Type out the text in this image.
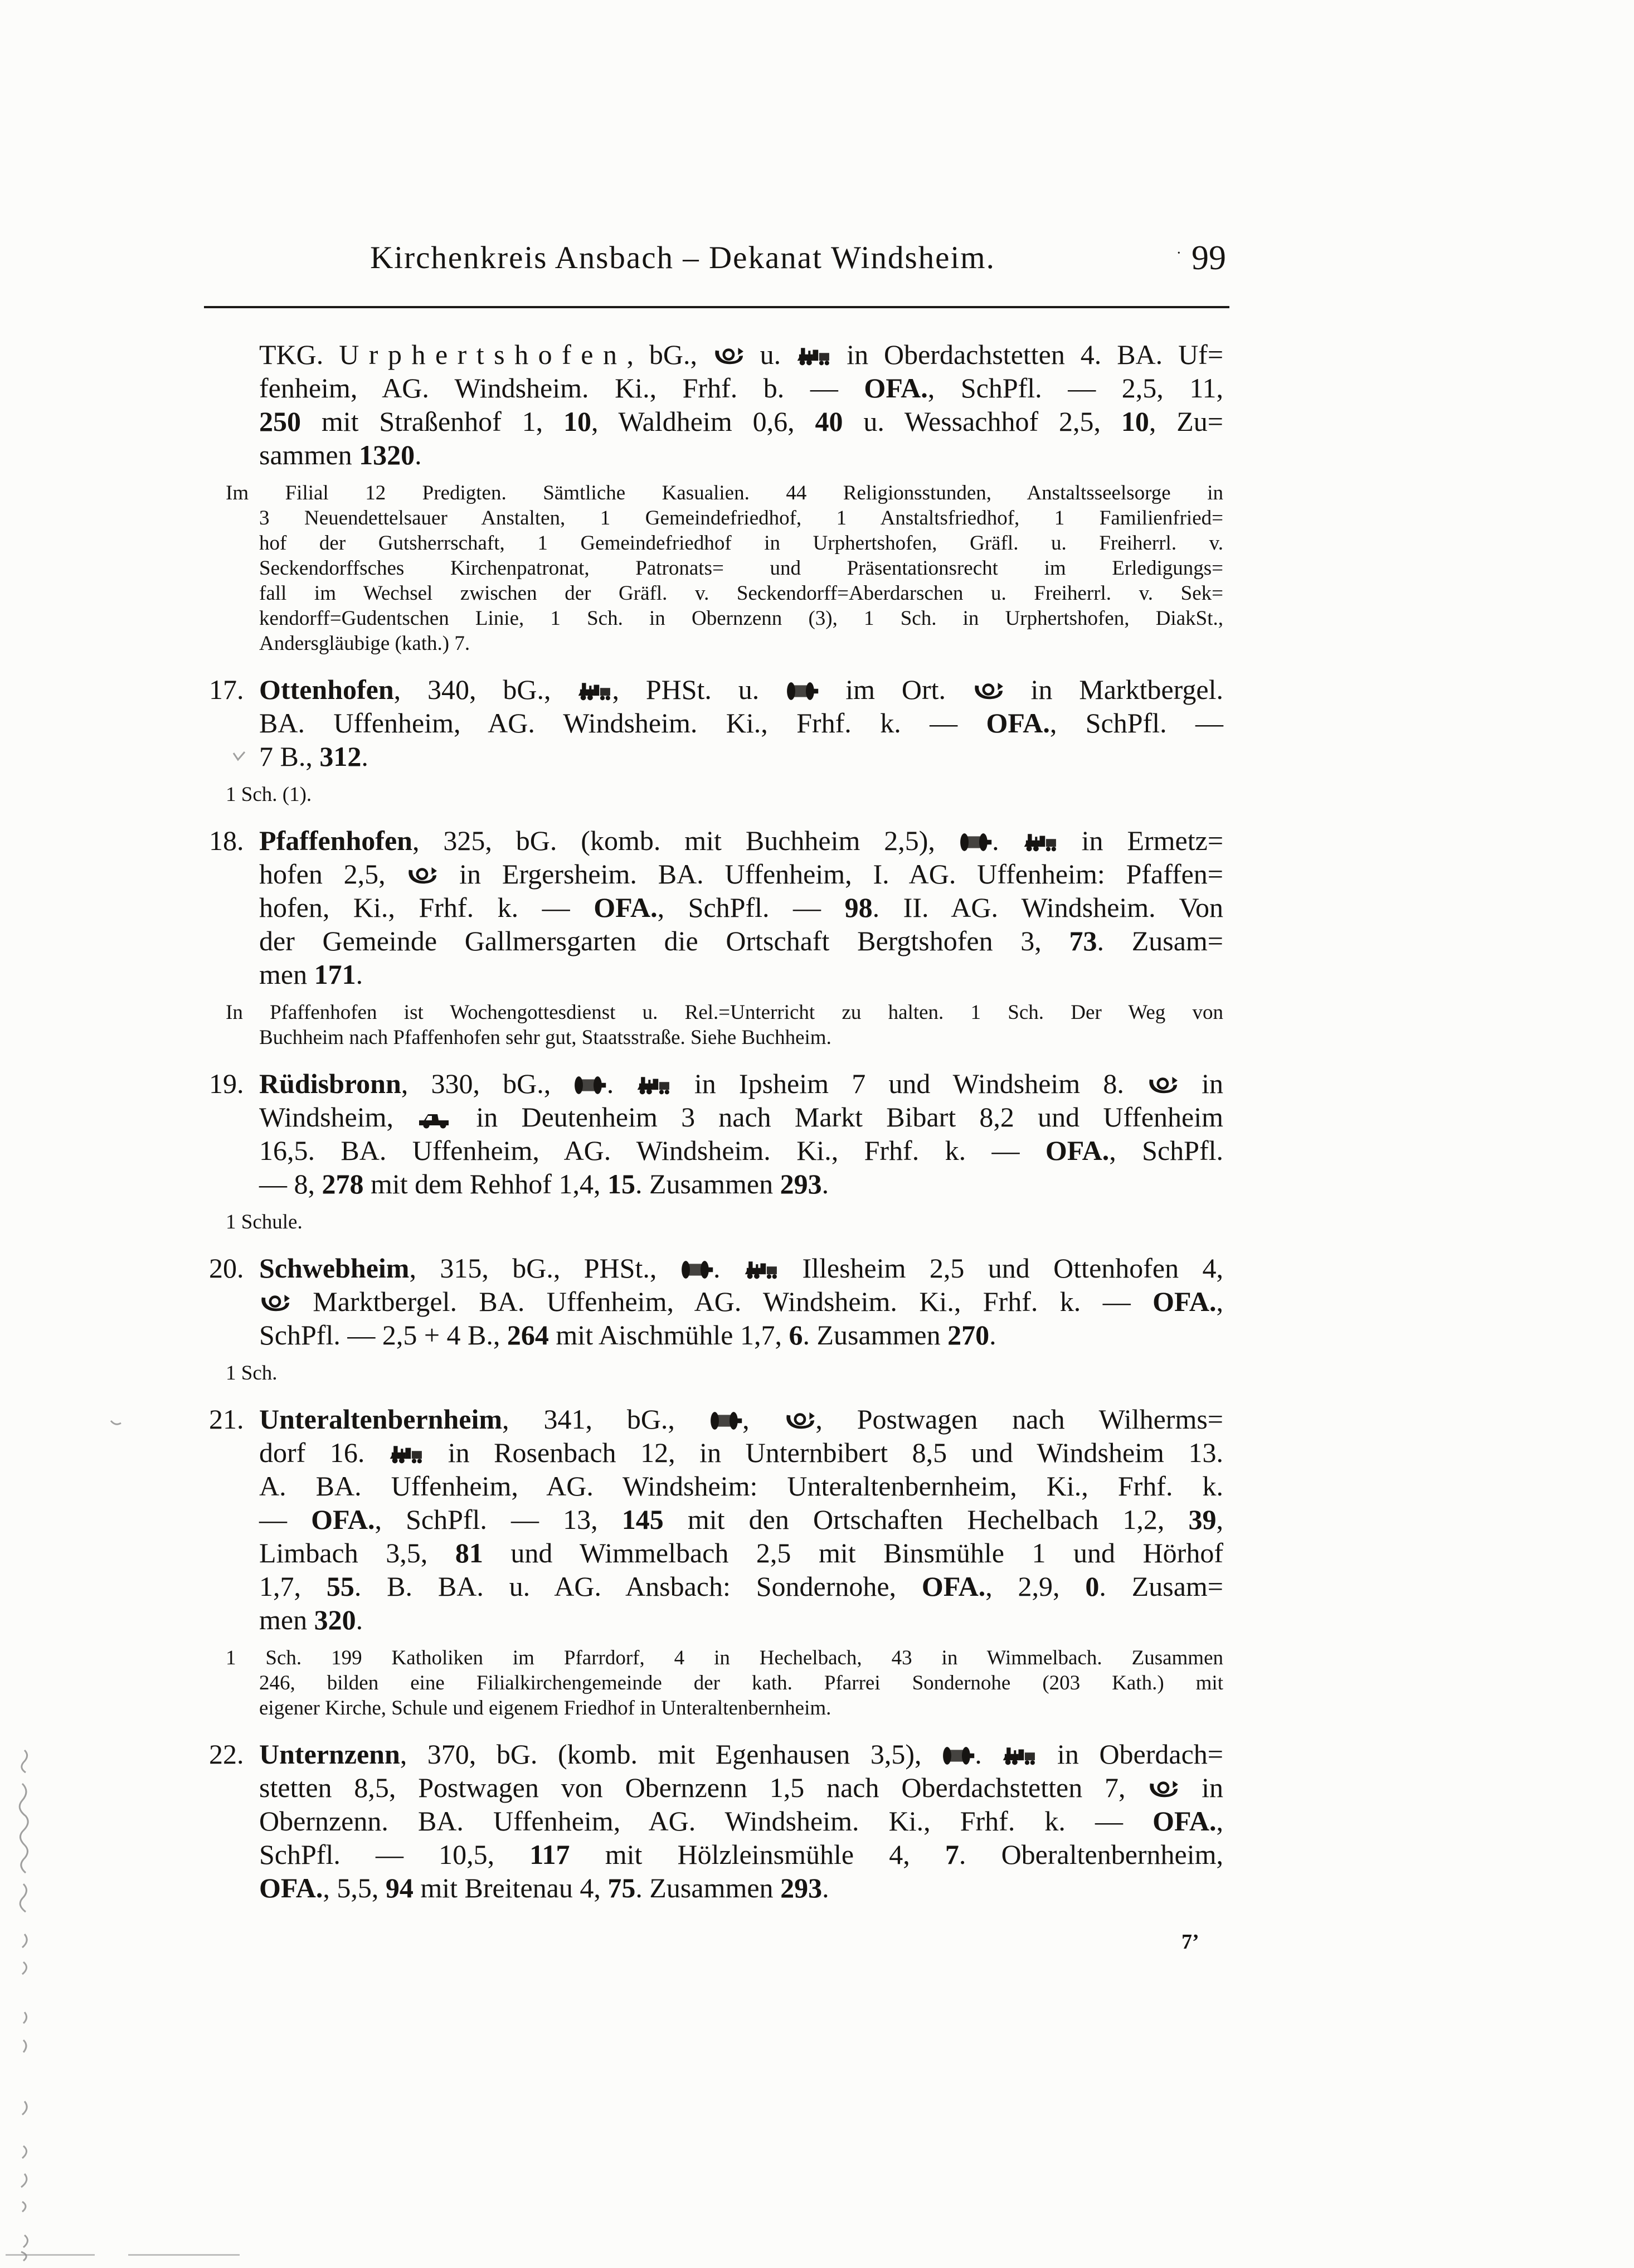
Kirchenkreis Ansbach – Dekanat Windsheim.	· 99
TKG. Urphertshofen, bG.,  u.  in Oberdachstetten 4. BA. Uf=
fenheim, AG. Windsheim. Ki., Frhf. b. — OFA., SchPfl. — 2,5, 11,
250 mit Straßenhof 1, 10, Waldheim 0,6, 40 u. Wessachhof 2,5, 10, Zu=
sammen 1320.
Im Filial 12 Predigten. Sämtliche Kasualien. 44 Religionsstunden, Anstaltsseelsorge in
3 Neuendettelsauer Anstalten, 1 Gemeindefriedhof, 1 Anstaltsfriedhof, 1 Familienfried=
hof der Gutsherrschaft, 1 Gemeindefriedhof in Urphertshofen, Gräfl. u. Freiherrl. v.
Seckendorffsches Kirchenpatronat, Patronats= und Präsentationsrecht im Erledigungs=
fall im Wechsel zwischen der Gräfl. v. Seckendorff=Aberdarschen u. Freiherrl. v. Sek=
kendorff=Gudentschen Linie, 1 Sch. in Obernzenn (3), 1 Sch. in Urphertshofen, DiakSt.,
Andersgläubige (kath.) 7.
17. Ottenhofen, 340, bG., , PHSt. u.  im Ort.  in Marktbergel.
BA. Uffenheim, AG. Windsheim. Ki., Frhf. k. — OFA., SchPfl. —
7 B., 312.
1 Sch. (1).
18. Pfaffenhofen, 325, bG. (komb. mit Buchheim 2,5), .  in Ermetz=
hofen 2,5,  in Ergersheim. BA. Uffenheim, I. AG. Uffenheim: Pfaffen=
hofen, Ki., Frhf. k. — OFA., SchPfl. — 98. II. AG. Windsheim. Von
der Gemeinde Gallmersgarten die Ortschaft Bergtshofen 3, 73. Zusam=
men 171.
In Pfaffenhofen ist Wochengottesdienst u. Rel.=Unterricht zu halten. 1 Sch. Der Weg von
Buchheim nach Pfaffenhofen sehr gut, Staatsstraße. Siehe Buchheim.
19. Rüdisbronn, 330, bG., .  in Ipsheim 7 und Windsheim 8.  in
Windsheim,  in Deutenheim 3 nach Markt Bibart 8,2 und Uffenheim
16,5. BA. Uffenheim, AG. Windsheim. Ki., Frhf. k. — OFA., SchPfl.
— 8, 278 mit dem Rehhof 1,4, 15. Zusammen 293.
1 Schule.
20. Schwebheim, 315, bG., PHSt., .  Illesheim 2,5 und Ottenhofen 4,
Marktbergel. BA. Uffenheim, AG. Windsheim. Ki., Frhf. k. — OFA.,
SchPfl. — 2,5 + 4 B., 264 mit Aischmühle 1,7, 6. Zusammen 270.
1 Sch.
21. Unteraltenbernheim, 341, bG., , , Postwagen nach Wilherms=
dorf 16.  in Rosenbach 12, in Unternbibert 8,5 und Windsheim 13.
A. BA. Uffenheim, AG. Windsheim: Unteraltenbernheim, Ki., Frhf. k.
— OFA., SchPfl. — 13, 145 mit den Ortschaften Hechelbach 1,2, 39,
Limbach 3,5, 81 und Wimmelbach 2,5 mit Binsmühle 1 und Hörhof
1,7, 55. B. BA. u. AG. Ansbach: Sondernohe, OFA., 2,9, 0. Zusam=
men 320.
1 Sch. 199 Katholiken im Pfarrdorf, 4 in Hechelbach, 43 in Wimmelbach. Zusammen
246, bilden eine Filialkirchengemeinde der kath. Pfarrei Sondernohe (203 Kath.) mit
eigener Kirche, Schule und eigenem Friedhof in Unteraltenbernheim.
22. Unternzenn, 370, bG. (komb. mit Egenhausen 3,5), .  in Oberdach=
stetten 8,5, Postwagen von Obernzenn 1,5 nach Oberdachstetten 7,  in
Obernzenn. BA. Uffenheim, AG. Windsheim. Ki., Frhf. k. — OFA.,
SchPfl. — 10,5, 117 mit Hölzleinsmühle 4, 7. Oberaltenbernheim,
OFA., 5,5, 94 mit Breitenau 4, 75. Zusammen 293.
7’
